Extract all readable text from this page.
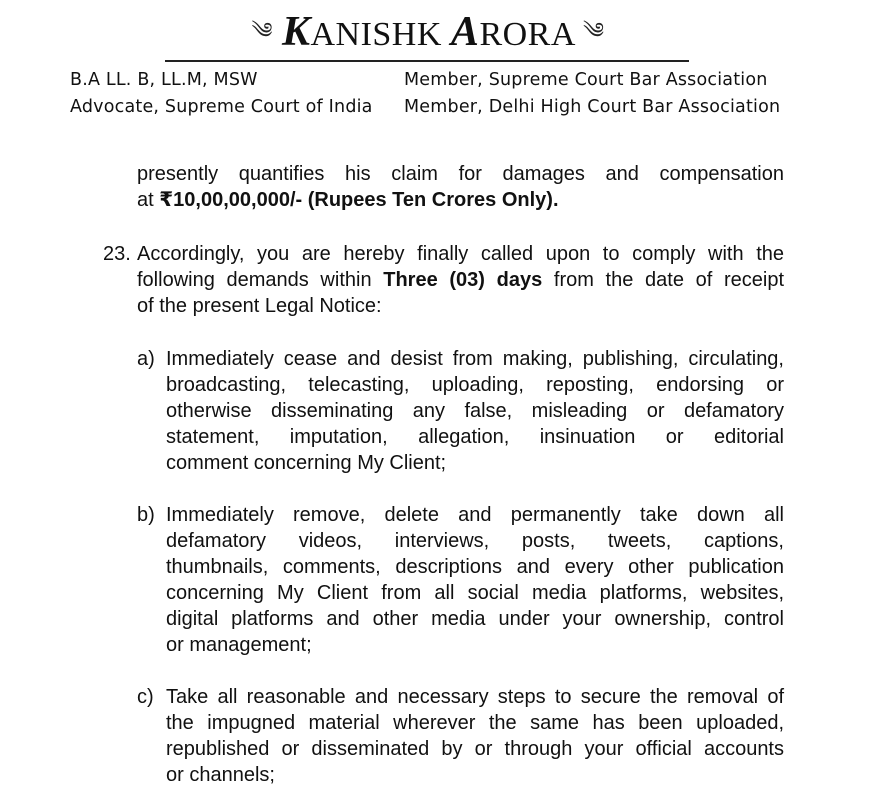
༄ KANISHK ARORA ༄
B.A LL. B, LL.M, MSW
Advocate, Supreme Court of India
Member, Supreme Court Bar Association
Member, Delhi High Court Bar Association
presently quantifies his claim for damages and compensation
at ₹10,00,00,000/- (Rupees Ten Crores Only).
23. Accordingly, you are hereby finally called upon to comply with the
following demands within Three (03) days from the date of receipt
of the present Legal Notice:
a) Immediately cease and desist from making, publishing, circulating,
broadcasting, telecasting, uploading, reposting, endorsing or
otherwise disseminating any false, misleading or defamatory
statement, imputation, allegation, insinuation or editorial
comment concerning My Client;
b) Immediately remove, delete and permanently take down all
defamatory videos, interviews, posts, tweets, captions,
thumbnails, comments, descriptions and every other publication
concerning My Client from all social media platforms, websites,
digital platforms and other media under your ownership, control
or management;
c) Take all reasonable and necessary steps to secure the removal of
the impugned material wherever the same has been uploaded,
republished or disseminated by or through your official accounts
or channels;
